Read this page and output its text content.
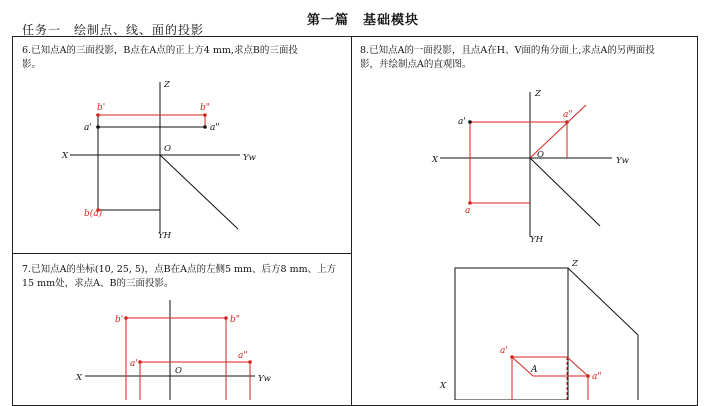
任务一　绘制点、线、面的投影
第一篇　基础模块
6.已知点A的三面投影，B点在A点的正上方4 mm,求点B的三面投
影。
7.已知点A的坐标(10, 25, 5)，点B在A点的左侧5 mm、后方8 mm、上方
15 mm处，求点A、B的三面投影。
8.已知点A的一面投影，且点A在H、V面的角分面上,求点A的另两面投
影，并绘制点A的直观图。
Z
X
O
Yw
YH
b'	b"
a'	a"
b(a)
Z
X	O
Yw
YH
a'
a"
a
Z
X
a'
A
a"
X
O
Yw
b'	b"
a'
a"
